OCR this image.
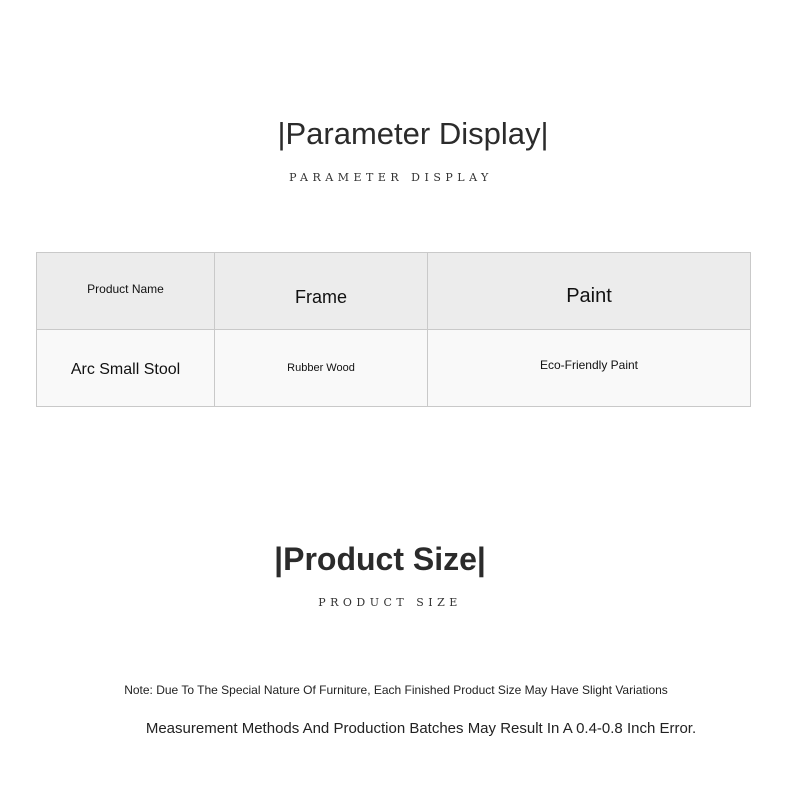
|Parameter Display|

PARAMETER DISPLAY

Product Name	Frame	Paint
Arc Small Stool	Rubber Wood	Eco-Friendly Paint
|Product Size|

PRODUCT SIZE

Note: Due To The Special Nature Of Furniture, Each Finished Product Size May Have Slight Variations

Measurement Methods And Production Batches May Result In A 0.4-0.8 Inch Error.
